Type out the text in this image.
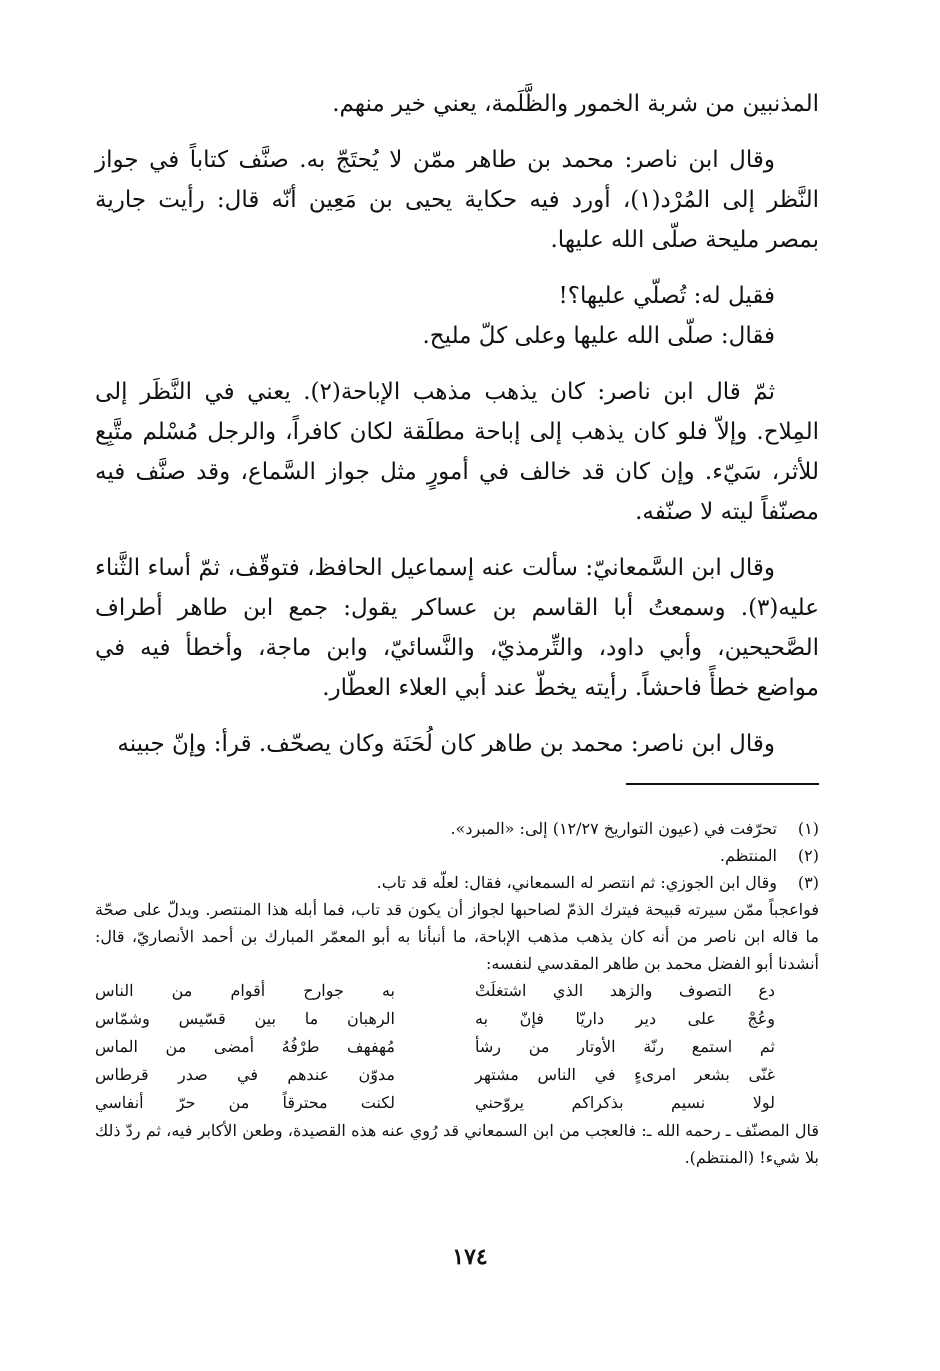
المذنبين من شربة الخمور والظَّلَمة، يعني خير منهم.

وقال ابن ناصر: محمد بن طاهر ممّن لا يُحتَجّ به. صنَّف كتاباً في جواز النَّظر إلى المُرْد(١)، أورد فيه حكاية يحيى بن مَعِين أنّه قال: رأيت جارية بمصر مليحة صلّى الله عليها.

فقيل له: تُصلّي عليها؟!

فقال: صلّى الله عليها وعلى كلّ مليح.

ثمّ قال ابن ناصر: كان يذهب مذهب الإباحة(٢). يعني في النَّظَر إلى المِلاح. وإلاّ فلو كان يذهب إلى إباحة مطلَقة لكان كافراً، والرجل مُسْلم متَّبِع للأثر، سَيّء. وإن كان قد خالف في أمورٍ مثل جواز السَّماع، وقد صنَّف فيه مصنّفاً ليته لا صنّفه.

وقال ابن السَّمعانيّ: سألت عنه إسماعيل الحافظ، فتوقّف، ثمّ أساء الثَّناء عليه(٣). وسمعتُ أبا القاسم بن عساكر يقول: جمع ابن طاهر أطراف الصَّحيحين، وأبي داود، والتِّرمذيّ، والنَّسائيّ، وابن ماجة، وأخطأ فيه في مواضع خطأً فاحشاً. رأيته يخطّ عند أبي العلاء العطّار.

وقال ابن ناصر: محمد بن طاهر كان لُحَنَة وكان يصحّف. قرأ: وإنّ جبينه

(١)
تحرّفت في (عيون التواريخ ١٢/٢٧) إلى: «المبرد».
(٢)
المنتظم.
(٣)
وقال ابن الجوزي: ثم انتصر له السمعاني، فقال: لعلّه قد تاب.

فواعجباً ممّن سيرته قبيحة فيترك الذمّ لصاحبها لجواز أن يكون قد تاب، فما أبله هذا المنتصر. ويدلّ على صحّة ما قاله ابن ناصر من أنه كان يذهب مذهب الإباحة، ما أنبأنا به أبو المعمّر المبارك بن أحمد الأنصاريّ، قال: أنشدنا أبو الفضل محمد بن طاهر المقدسي لنفسه:

دع التصوف والزهد الذي اشتغلَتْ
به جوارح أقوام من الناس
وعُجْ على دير داريّا فإنّ به
الرهبان ما بين قسّيس وشمّاس
ثم استمع رنّة الأوتار من رشأ
مُهفهف طرْفُهُ أمضى من الماس
غنّى بشعر امرىءٍ في الناس مشتهر
مدوّن عندهم في صدر قرطاس
لولا نسيم بذكراكم يروّحني
لكنت محترقاً من حرّ أنفاسي

قال المصنّف ـ رحمه الله ـ: فالعجب من ابن السمعاني قد رُوي عنه هذه القصيدة، وطعن الأكابر فيه، ثم ردّ ذلك بلا شيء! (المنتظم).

١٧٤
